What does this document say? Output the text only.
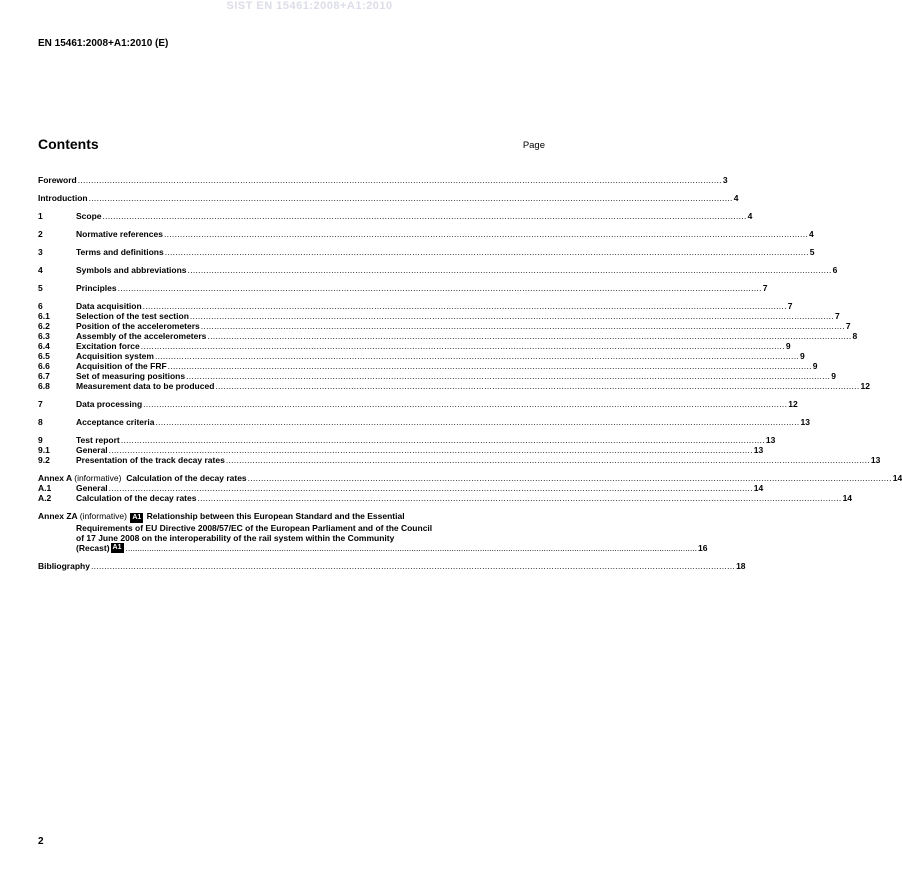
SIST EN 15461:2008+A1:2010
EN 15461:2008+A1:2010 (E)
Contents	Page
Foreword .....	3
Introduction .....	4
1	Scope .....	4
2	Normative references .....	4
3	Terms and definitions .....	5
4	Symbols and abbreviations .....	6
5	Principles .....	7
6	Data acquisition .....	7
6.1	Selection of the test section .....	7
6.2	Position of the accelerometers .....	7
6.3	Assembly of the accelerometers .....	8
6.4	Excitation force .....	9
6.5	Acquisition system .....	9
6.6	Acquisition of the FRF .....	9
6.7	Set of measuring positions .....	9
6.8	Measurement data to be produced .....	12
7	Data processing .....	12
8	Acceptance criteria .....	13
9	Test report .....	13
9.1	General .....	13
9.2	Presentation of the track decay rates .....	13
Annex A (informative) Calculation of the decay rates .....	14
A.1	General .....	14
A.2	Calculation of the decay rates .....	14
Annex ZA (informative) A1 Relationship between this European Standard and the Essential
Requirements of EU Directive 2008/57/EC of the European Parliament and of the Council
of 17 June 2008 on the interoperability of the rail system within the Community
(Recast) A1 .....	16
Bibliography .....	18
2
